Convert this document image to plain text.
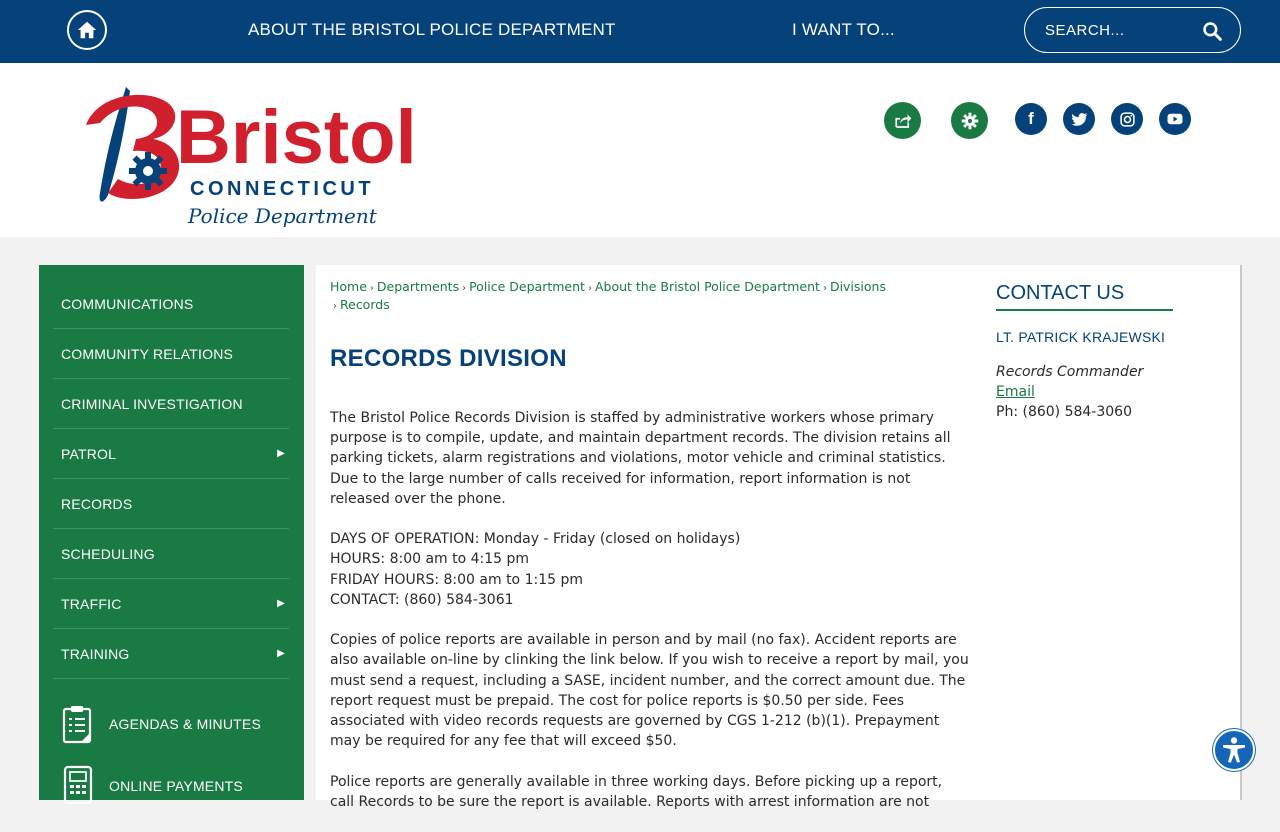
ABOUT THE BRISTOL POLICE DEPARTMENT	I WANT TO...
SEARCH...
Bristol
CONNECTICUT
Police Department
f
COMMUNICATIONS
COMMUNITY RELATIONS
CRIMINAL INVESTIGATION
PATROL	▶
RECORDS
SCHEDULING
TRAFFIC	▶
TRAINING	▶
AGENDAS & MINUTES
ONLINE PAYMENTS
Home › Departments › Police Department › About the Bristol Police Department › Divisions
› Records
RECORDS DIVISION

The Bristol Police Records Division is staffed by administrative workers whose primary purpose is to compile, update, and maintain department records. The division retains all parking tickets, alarm registrations and violations, motor vehicle and criminal statistics. Due to the large number of calls received for information, report information is not released over the phone.

DAYS OF OPERATION: Monday - Friday (closed on holidays)
HOURS: 8:00 am to 4:15 pm
FRIDAY HOURS: 8:00 am to 1:15 pm
CONTACT: (860) 584-3061

Copies of police reports are available in person and by mail (no fax). Accident reports are also available on-line by clinking the link below. If you wish to receive a report by mail, you must send a request, including a SASE, incident number, and the correct amount due. The report request must be prepaid. The cost for police reports is $0.50 per side. Fees associated with video records requests are governed by CGS 1-212 (b)(1). Prepayment may be required for any fee that will exceed $50.

Police reports are generally available in three working days. Before picking up a report, call Records to be sure the report is available. Reports with arrest information are not

CONTACT US
LT. PATRICK KRAJEWSKI
Records Commander
Email
Ph: (860) 584-3060
